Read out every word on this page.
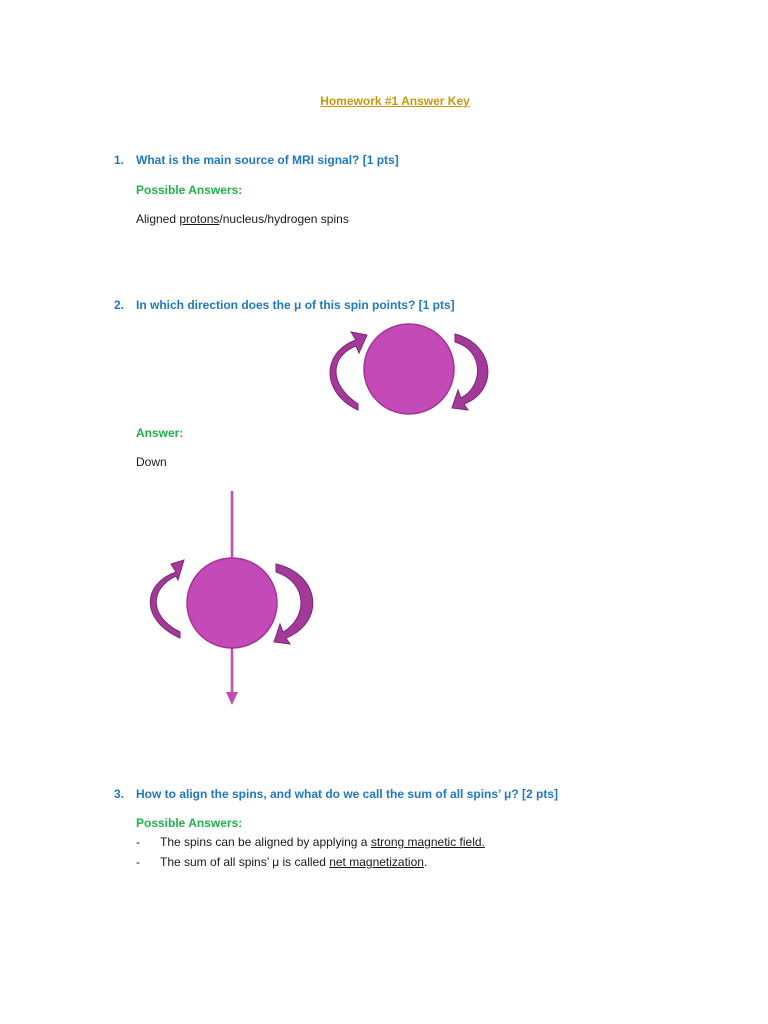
Homework #1 Answer Key
1. What is the main source of MRI signal? [1 pts]
Possible Answers:
Aligned protons/nucleus/hydrogen spins
2. In which direction does the μ of this spin points? [1 pts]
Answer:
Down
3. How to align the spins, and what do we call the sum of all spins’ μ? [2 pts]
Possible Answers:
- The spins can be aligned by applying a strong magnetic field.
- The sum of all spins’ μ is called net magnetization.
